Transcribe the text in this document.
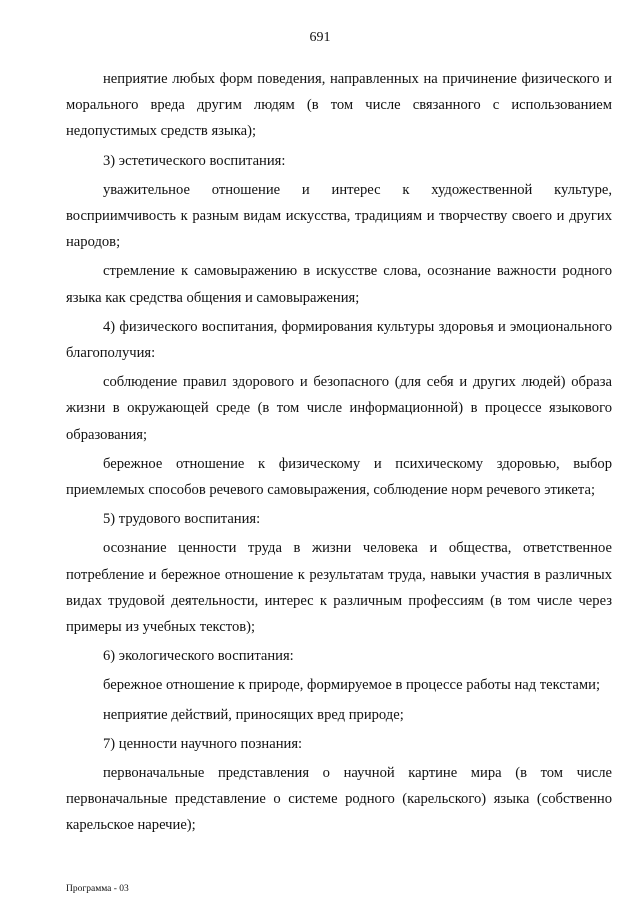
691

неприятие любых форм поведения, направленных на причинение физического и морального вреда другим людям (в том числе связанного с использованием недопустимых средств языка);

3) эстетического воспитания:

уважительное отношение и интерес к художественной культуре, восприимчивость к разным видам искусства, традициям и творчеству своего и других народов;

стремление к самовыражению в искусстве слова, осознание важности родного языка как средства общения и самовыражения;

4) физического воспитания, формирования культуры здоровья и эмоционального благополучия:

соблюдение правил здорового и безопасного (для себя и других людей) образа жизни в окружающей среде (в том числе информационной) в процессе языкового образования;

бережное отношение к физическому и психическому здоровью, выбор приемлемых способов речевого самовыражения, соблюдение норм речевого этикета;

5) трудового воспитания:

осознание ценности труда в жизни человека и общества, ответственное потребление и бережное отношение к результатам труда, навыки участия в различных видах трудовой деятельности, интерес к различным профессиям (в том числе через примеры из учебных текстов);

6) экологического воспитания:

бережное отношение к природе, формируемое в процессе работы над текстами;

неприятие действий, приносящих вред природе;

7) ценности научного познания:

первоначальные представления о научной картине мира (в том числе первоначальные представление о системе родного (карельского) языка (собственно карельское наречие);

Программа - 03
